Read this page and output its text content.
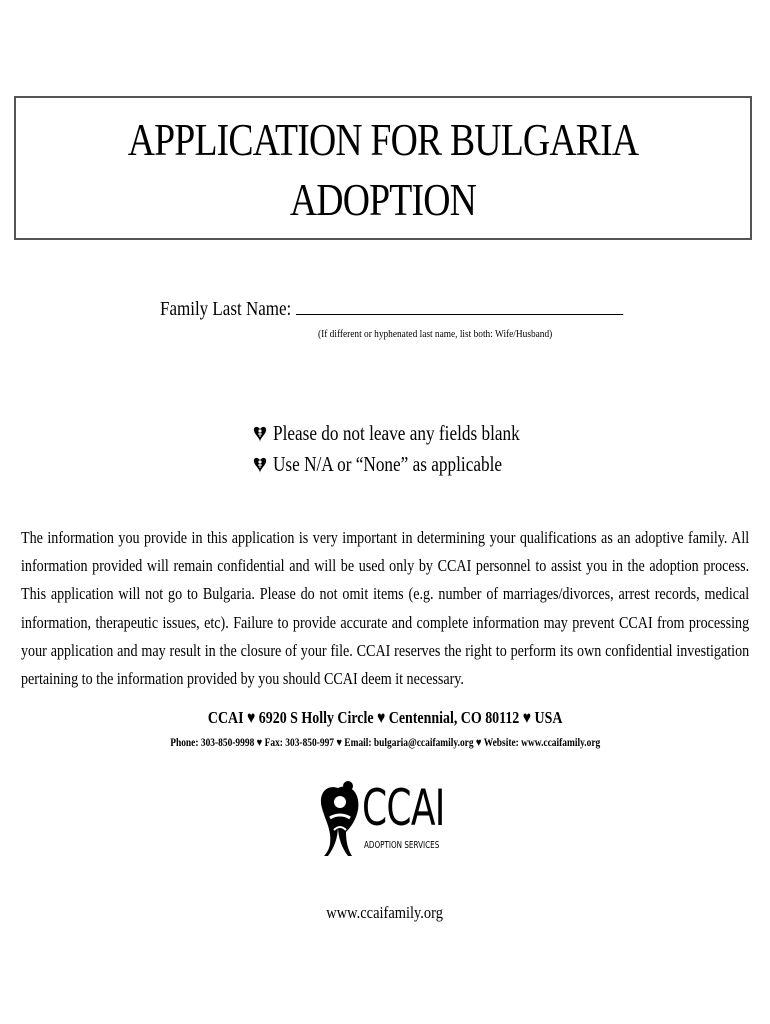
APPLICATION FOR BULGARIA
ADOPTION
Family Last Name:
(If different or hyphenated last name, list both: Wife/Husband)
Please do not leave any fields blank
Use N/A or “None” as applicable
The information you provide in this application is very important in determining your qualifications as an adoptive family. All information provided will remain confidential and will be used only by CCAI personnel to assist you in the adoption process. This application will not go to Bulgaria. Please do not omit items (e.g. number of marriages/divorces, arrest records, medical information, therapeutic issues, etc). Failure to provide accurate and complete information may prevent CCAI from processing your application and may result in the closure of your file. CCAI reserves the right to perform its own confidential investigation pertaining to the information provided by you should CCAI deem it necessary.
CCAI ♥ 6920 S Holly Circle ♥ Centennial, CO 80112 ♥ USA
Phone: 303-850-9998 ♥ Fax: 303-850-997 ♥ Email: bulgaria@ccaifamily.org ♥ Website: www.ccaifamily.org
CCAI
ADOPTION SERVICES
www.ccaifamily.org
